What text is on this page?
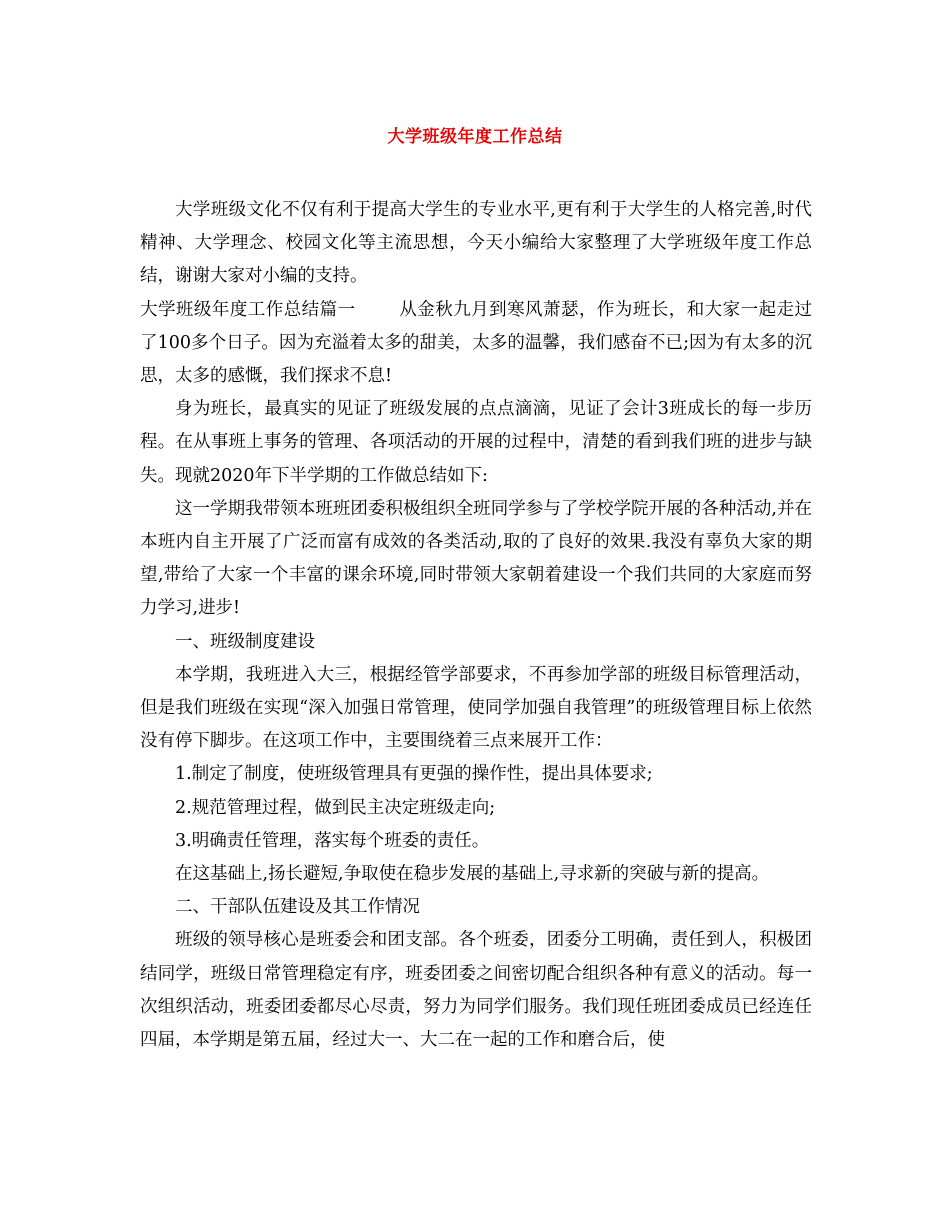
大学班级年度工作总结

大学班级文化不仅有利于提高大学生的专业水平,更有利于大学生的人格完善,时代精神、大学理念、校园文化等主流思想，今天小编给大家整理了大学班级年度工作总结，谢谢大家对小编的支持。

大学班级年度工作总结篇一	从金秋九月到寒风萧瑟，作为班长，和大家一起走过了100多个日子。因为充溢着太多的甜美，太多的温馨，我们感奋不已;因为有太多的沉思，太多的感慨，我们探求不息!

身为班长，最真实的见证了班级发展的点点滴滴，见证了会计3班成长的每一步历程。在从事班上事务的管理、各项活动的开展的过程中，清楚的看到我们班的进步与缺失。现就2020年下半学期的工作做总结如下:

这一学期我带领本班班团委积极组织全班同学参与了学校学院开展的各种活动,并在本班内自主开展了广泛而富有成效的各类活动,取的了良好的效果.我没有辜负大家的期望,带给了大家一个丰富的课余环境,同时带领大家朝着建设一个我们共同的大家庭而努力学习,进步!

一、班级制度建设

本学期，我班进入大三，根据经管学部要求，不再参加学部的班级目标管理活动，但是我们班级在实现“深入加强日常管理，使同学加强自我管理”的班级管理目标上依然没有停下脚步。在这项工作中，主要围绕着三点来展开工作：

1.制定了制度，使班级管理具有更强的操作性，提出具体要求;

2.规范管理过程，做到民主决定班级走向;

3.明确责任管理，落实每个班委的责任。

在这基础上,扬长避短,争取使在稳步发展的基础上,寻求新的突破与新的提高。

二、干部队伍建设及其工作情况

班级的领导核心是班委会和团支部。各个班委，团委分工明确，责任到人，积极团结同学，班级日常管理稳定有序，班委团委之间密切配合组织各种有意义的活动。每一次组织活动，班委团委都尽心尽责，努力为同学们服务。我们现任班团委成员已经连任四届，本学期是第五届，经过大一、大二在一起的工作和磨合后，使
